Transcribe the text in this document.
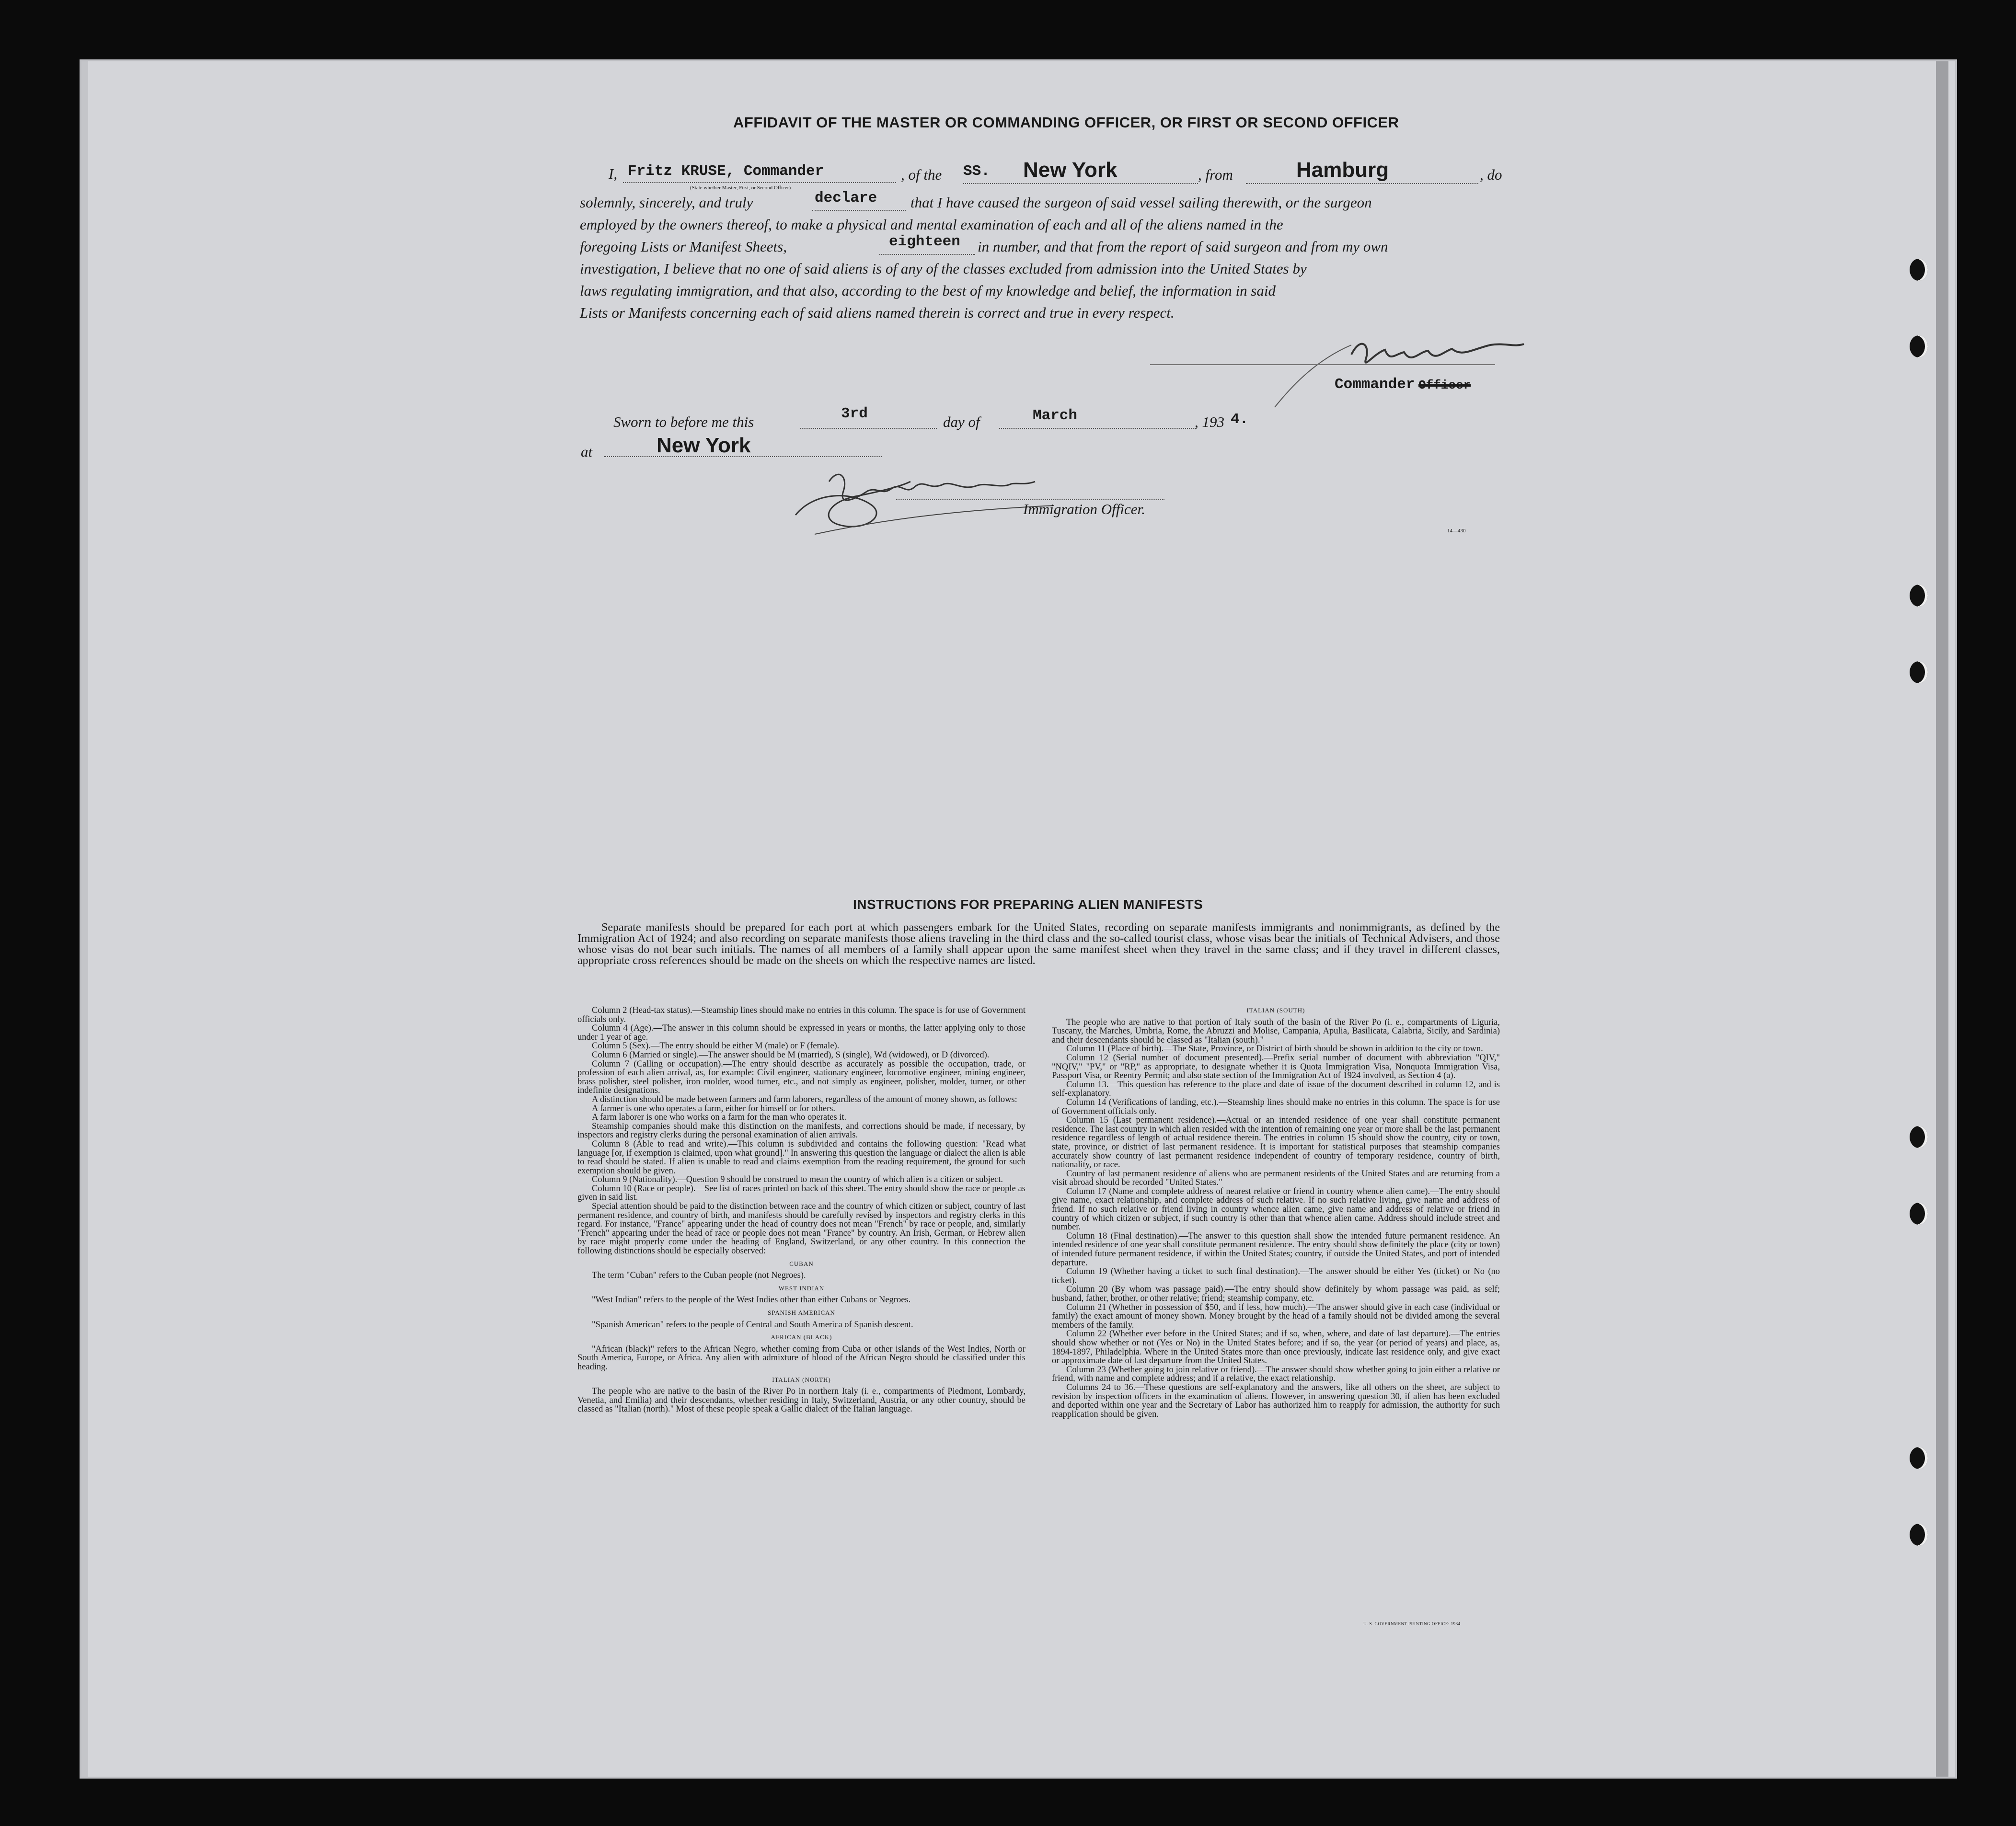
AFFIDAVIT OF THE MASTER OR COMMANDING OFFICER, OR FIRST OR SECOND OFFICER
I, Fritz KRUSE, Commander
(State whether Master, First, or Second Officer)
, of the SS. New York	, from	Hamburg	, do
solemnly, sincerely, and truly	declare that I have caused the surgeon of said vessel sailing therewith, or the surgeon
employed by the owners thereof, to make a physical and mental examination of each and all of the aliens named in the
foregoing Lists or Manifest Sheets,	eighteen in number, and that from the report of said surgeon and from my own
investigation, I believe that no one of said aliens is of any of the classes excluded from admission into the United States by
laws regulating immigration, and that also, according to the best of my knowledge and belief, the information in said
Lists or Manifests concerning each of said aliens named therein is correct and true in every respect.
Commander Officer
Sworn to before me this	3rd	day of	March	, 193 4.
at	New York
Immigration Officer.
14—430
INSTRUCTIONS FOR PREPARING ALIEN MANIFESTS
Separate manifests should be prepared for each port at which passengers embark for the United States, recording on separate manifests immigrants and nonimmigrants, as defined by the Immigration Act of 1924; and also recording on separate manifests those aliens traveling in the third class and the so-called tourist class, whose visas bear the initials of Technical Advisers, and those whose visas do not bear such initials. The names of all members of a family shall appear upon the same manifest sheet when they travel in the same class; and if they travel in different classes, appropriate cross references should be made on the sheets on which the respective names are listed.

Column 2 (Head-tax status).—Steamship lines should make no entries in this column. The space is for use of Government officials only.

Column 4 (Age).—The answer in this column should be expressed in years or months, the latter applying only to those under 1 year of age.

Column 5 (Sex).—The entry should be either M (male) or F (female).

Column 6 (Married or single).—The answer should be M (married), S (single), Wd (widowed), or D (divorced).

Column 7 (Calling or occupation).—The entry should describe as accurately as possible the occupation, trade, or profession of each alien arrival, as, for example: Civil engineer, stationary engineer, locomotive engineer, mining engineer, brass polisher, steel polisher, iron molder, wood turner, etc., and not simply as engineer, polisher, molder, turner, or other indefinite designations.

A distinction should be made between farmers and farm laborers, regardless of the amount of money shown, as follows:

A farmer is one who operates a farm, either for himself or for others.

A farm laborer is one who works on a farm for the man who operates it.

Steamship companies should make this distinction on the manifests, and corrections should be made, if necessary, by inspectors and registry clerks during the personal examination of alien arrivals.

Column 8 (Able to read and write).—This column is subdivided and contains the following question: "Read what language [or, if exemption is claimed, upon what ground]." In answering this question the language or dialect the alien is able to read should be stated. If alien is unable to read and claims exemption from the reading requirement, the ground for such exemption should be given.

Column 9 (Nationality).—Question 9 should be construed to mean the country of which alien is a citizen or subject.

Column 10 (Race or people).—See list of races printed on back of this sheet. The entry should show the race or people as given in said list.

Special attention should be paid to the distinction between race and the country of which citizen or subject, country of last permanent residence, and country of birth, and manifests should be carefully revised by inspectors and registry clerks in this regard. For instance, "France" appearing under the head of country does not mean "French" by race or people, and, similarly "French" appearing under the head of race or people does not mean "France" by country. An Irish, German, or Hebrew alien by race might properly come under the heading of England, Switzerland, or any other country. In this connection the following distinctions should be especially observed:

CUBAN

The term "Cuban" refers to the Cuban people (not Negroes).

WEST INDIAN

"West Indian" refers to the people of the West Indies other than either Cubans or Negroes.

SPANISH AMERICAN

"Spanish American" refers to the people of Central and South America of Spanish descent.

AFRICAN (BLACK)

"African (black)" refers to the African Negro, whether coming from Cuba or other islands of the West Indies, North or South America, Europe, or Africa. Any alien with admixture of blood of the African Negro should be classified under this heading.

ITALIAN (NORTH)

The people who are native to the basin of the River Po in northern Italy (i. e., compartments of Piedmont, Lombardy, Venetia, and Emilia) and their descendants, whether residing in Italy, Switzerland, Austria, or any other country, should be classed as "Italian (north)." Most of these people speak a Gallic dialect of the Italian language.

ITALIAN (SOUTH)

The people who are native to that portion of Italy south of the basin of the River Po (i. e., compartments of Liguria, Tuscany, the Marches, Umbria, Rome, the Abruzzi and Molise, Campania, Apulia, Basilicata, Calabria, Sicily, and Sardinia) and their descendants should be classed as "Italian (south)."

Column 11 (Place of birth).—The State, Province, or District of birth should be shown in addition to the city or town.

Column 12 (Serial number of document presented).—Prefix serial number of document with abbreviation "QIV," "NQIV," "PV," or "RP," as appropriate, to designate whether it is Quota Immigration Visa, Nonquota Immigration Visa, Passport Visa, or Reentry Permit; and also state section of the Immigration Act of 1924 involved, as Section 4 (a).

Column 13.—This question has reference to the place and date of issue of the document described in column 12, and is self-explanatory.

Column 14 (Verifications of landing, etc.).—Steamship lines should make no entries in this column. The space is for use of Government officials only.

Column 15 (Last permanent residence).—Actual or an intended residence of one year shall constitute permanent residence. The last country in which alien resided with the intention of remaining one year or more shall be the last permanent residence regardless of length of actual residence therein. The entries in column 15 should show the country, city or town, state, province, or district of last permanent residence. It is important for statistical purposes that steamship companies accurately show country of last permanent residence independent of country of temporary residence, country of birth, nationality, or race.

Country of last permanent residence of aliens who are permanent residents of the United States and are returning from a visit abroad should be recorded "United States."

Column 17 (Name and complete address of nearest relative or friend in country whence alien came).—The entry should give name, exact relationship, and complete address of such relative. If no such relative living, give name and address of friend. If no such relative or friend living in country whence alien came, give name and address of relative or friend in country of which citizen or subject, if such country is other than that whence alien came. Address should include street and number.

Column 18 (Final destination).—The answer to this question shall show the intended future permanent residence. An intended residence of one year shall constitute permanent residence. The entry should show definitely the place (city or town) of intended future permanent residence, if within the United States; country, if outside the United States, and port of intended departure.

Column 19 (Whether having a ticket to such final destination).—The answer should be either Yes (ticket) or No (no ticket).

Column 20 (By whom was passage paid).—The entry should show definitely by whom passage was paid, as self; husband, father, brother, or other relative; friend; steamship company, etc.

Column 21 (Whether in possession of $50, and if less, how much).—The answer should give in each case (individual or family) the exact amount of money shown. Money brought by the head of a family should not be divided among the several members of the family.

Column 22 (Whether ever before in the United States; and if so, when, where, and date of last departure).—The entries should show whether or not (Yes or No) in the United States before; and if so, the year (or period of years) and place, as, 1894-1897, Philadelphia. Where in the United States more than once previously, indicate last residence only, and give exact or approximate date of last departure from the United States.

Column 23 (Whether going to join relative or friend).—The answer should show whether going to join either a relative or friend, with name and complete address; and if a relative, the exact relationship.

Columns 24 to 36.—These questions are self-explanatory and the answers, like all others on the sheet, are subject to revision by inspection officers in the examination of aliens. However, in answering question 30, if alien has been excluded and deported within one year and the Secretary of Labor has authorized him to reapply for admission, the authority for such reapplication should be given.

U. S. GOVERNMENT PRINTING OFFICE: 1934
